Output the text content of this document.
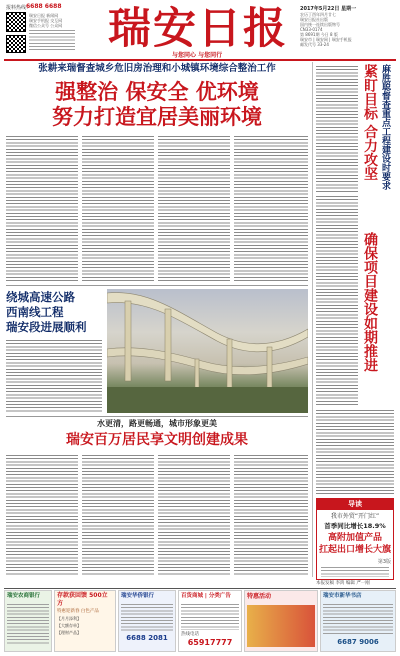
报料热线：
6688 6688
瑞安日报 新闻网
瑞安手机报 交互网
微信公众号 公众网	瑞安日报
与您同心 与您同行
2017年5月22日 星期一
农历丁酉年四月廿七
瑞安日报社出版
国内统一连续出版物号
CN33-0174
第 8691期 今日 8 版
瑞安市 | 瑞安网 | 瑞安手机报
邮发代号 33-24
张耕来瑞督查城乡危旧房治理和小城镇环境综合整治工作
强整治 保安全 优环境
努力打造宜居美丽环境
绕城高速公路
西南线工程
瑞安段进展顺利
水更清，路更畅通，城市形象更美
瑞安百万居民享文明创建成果
麻胜聪督查重点工程建设时要求
紧盯目标 合力攻坚
确保项目建设如期推进
导读
我市外贸“开门红”
首季同比增长18.9%
高附加值产品
扛起出口增长大旗
第3版
本报发稿 李鸿 编辑 严一刚
瑞安农商银行	存款获回馈 500立方
特惠迎新春 白色产品
【月月添利】
【大额存单】
【理财产品】
瑞安华侨银行
6688 2081
百货商城 | 分类广告
热线电话
65917777
特惠活动	瑞安市新华书店
6687 9006
